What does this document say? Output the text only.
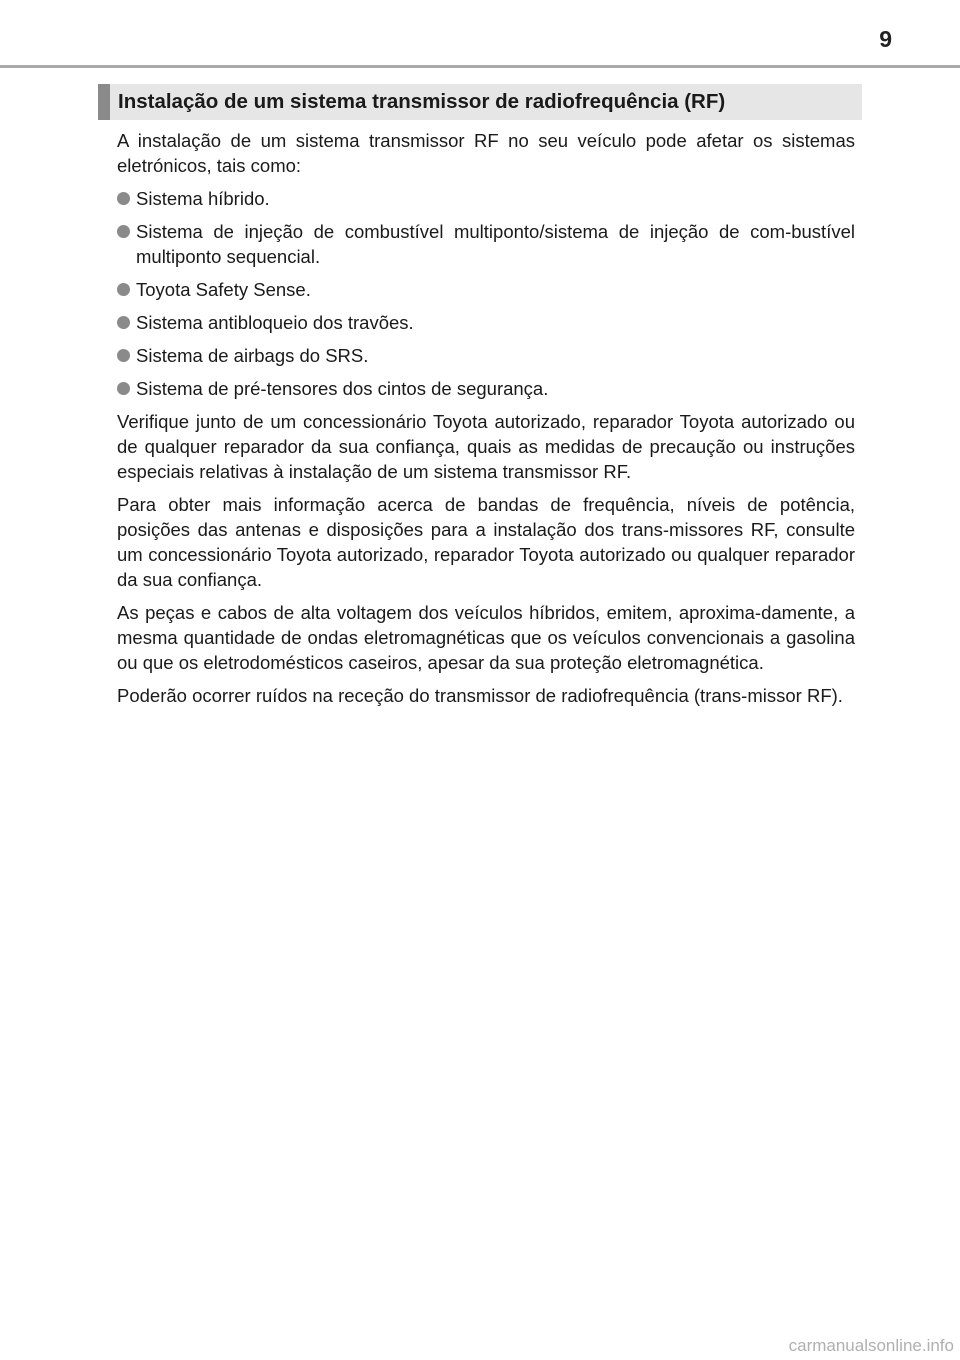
9
Instalação de um sistema transmissor de radiofrequência (RF)

A instalação de um sistema transmissor RF no seu veículo pode afetar os sistemas eletrónicos, tais como:

Sistema híbrido.
Sistema de injeção de combustível multiponto/sistema de injeção de com-bustível multiponto sequencial.
Toyota Safety Sense.
Sistema antibloqueio dos travões.
Sistema de airbags do SRS.
Sistema de pré-tensores dos cintos de segurança.

Verifique junto de um concessionário Toyota autorizado, reparador Toyota autorizado ou de qualquer reparador da sua confiança, quais as medidas de precaução ou instruções especiais relativas à instalação de um sistema transmissor RF.

Para obter mais informação acerca de bandas de frequência, níveis de potência, posições das antenas e disposições para a instalação dos trans-missores RF, consulte um concessionário Toyota autorizado, reparador Toyota autorizado ou qualquer reparador da sua confiança.

As peças e cabos de alta voltagem dos veículos híbridos, emitem, aproxima-damente, a mesma quantidade de ondas eletromagnéticas que os veículos convencionais a gasolina ou que os eletrodomésticos caseiros, apesar da sua proteção eletromagnética.

Poderão ocorrer ruídos na receção do transmissor de radiofrequência (trans-missor RF).

carmanualsonline.info
